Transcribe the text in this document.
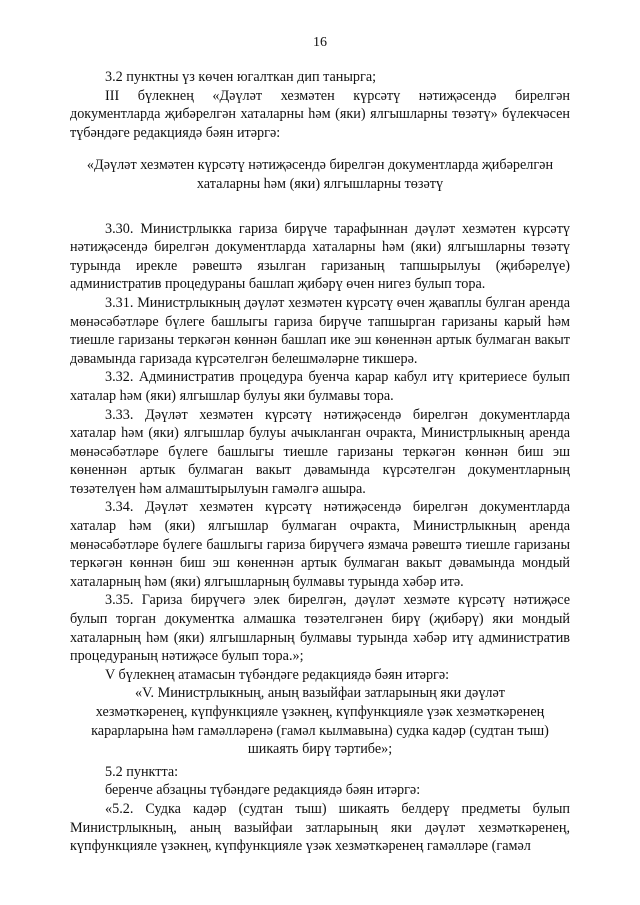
16

3.2 пунктны үз көчен югалткан дип танырга;

III бүлекнең «Дәүләт хезмәтен күрсәтү нәтиҗәсендә бирелгән документларда җибәрелгән хаталарны һәм (яки) ялгышларны төзәтү» бүлекчәсен түбәндәге редакциядә бәян итәргә:

«Дәүләт хезмәтен күрсәтү нәтиҗәсендә бирелгән документларда җибәрелгән
хаталарны һәм (яки) ялгышларны төзәтү

3.30. Министрлыкка гариза бирүче тарафыннан дәүләт хезмәтен күрсәтү нәтиҗәсендә бирелгән документларда хаталарны һәм (яки) ялгышларны төзәтү турында ирекле рәвештә язылган гаризаның тапшырылуы (җибәрелүе) административ процедураны башлап җибәрү өчен нигез булып тора.

3.31. Министрлыкның дәүләт хезмәтен күрсәтү өчен җаваплы булган аренда мөнәсәбәтләре бүлеге башлыгы гариза бирүче тапшырган гаризаны карый һәм тиешле гаризаны теркәгән көннән башлап ике эш көненнән артык булмаган вакыт дәвамында гаризада күрсәтелгән белешмәләрне тикшерә.

3.32. Административ процедура буенча карар кабул итү критериесе булып хаталар һәм (яки) ялгышлар булуы яки булмавы тора.

3.33. Дәүләт хезмәтен күрсәтү нәтиҗәсендә бирелгән документларда хаталар һәм (яки) ялгышлар булуы ачыкланган очракта, Министрлыкның аренда мөнәсәбәтләре бүлеге башлыгы тиешле гаризаны теркәгән көннән биш эш көненнән артык булмаган вакыт дәвамында күрсәтелгән документларның төзәтелүен һәм алмаштырылуын гамәлгә ашыра.

3.34. Дәүләт хезмәтен күрсәтү нәтиҗәсендә бирелгән документларда хаталар һәм (яки) ялгышлар булмаган очракта, Министрлыкның аренда мөнәсәбәтләре бүлеге башлыгы гариза бирүчегә язмача рәвештә тиешле гаризаны теркәгән көннән биш эш көненнән артык булмаган вакыт дәвамында мондый хаталарның һәм (яки) ялгышларның булмавы турында хәбәр итә.

3.35. Гариза бирүчегә элек бирелгән, дәүләт хезмәте күрсәтү нәтиҗәсе булып торган документка алмашка төзәтелгәнен бирү (җибәрү) яки мондый хаталарның һәм (яки) ялгышларның булмавы турында хәбәр итү административ процедураның нәтиҗәсе булып тора.»;

V бүлекнең атамасын түбәндәге редакциядә бәян итәргә:

«V. Министрлыкның, аның вазыйфаи затларының яки дәүләт

хезмәткәренең, күпфункцияле үзәкнең, күпфункцияле үзәк хезмәткәренең

карарларына һәм гамәлләренә (гамәл кылмавына) судка кадәр (судтан тыш)

шикаять бирү тәртибе»;

5.2 пунктта:

беренче абзацны түбәндәге редакциядә бәян итәргә:

«5.2. Судка кадәр (судтан тыш) шикаять белдерү предметы булып Министрлыкның, аның вазыйфаи затларының яки дәүләт хезмәткәренең, күпфункцияле үзәкнең, күпфункцияле үзәк хезмәткәренең гамәлләре (гамәл
